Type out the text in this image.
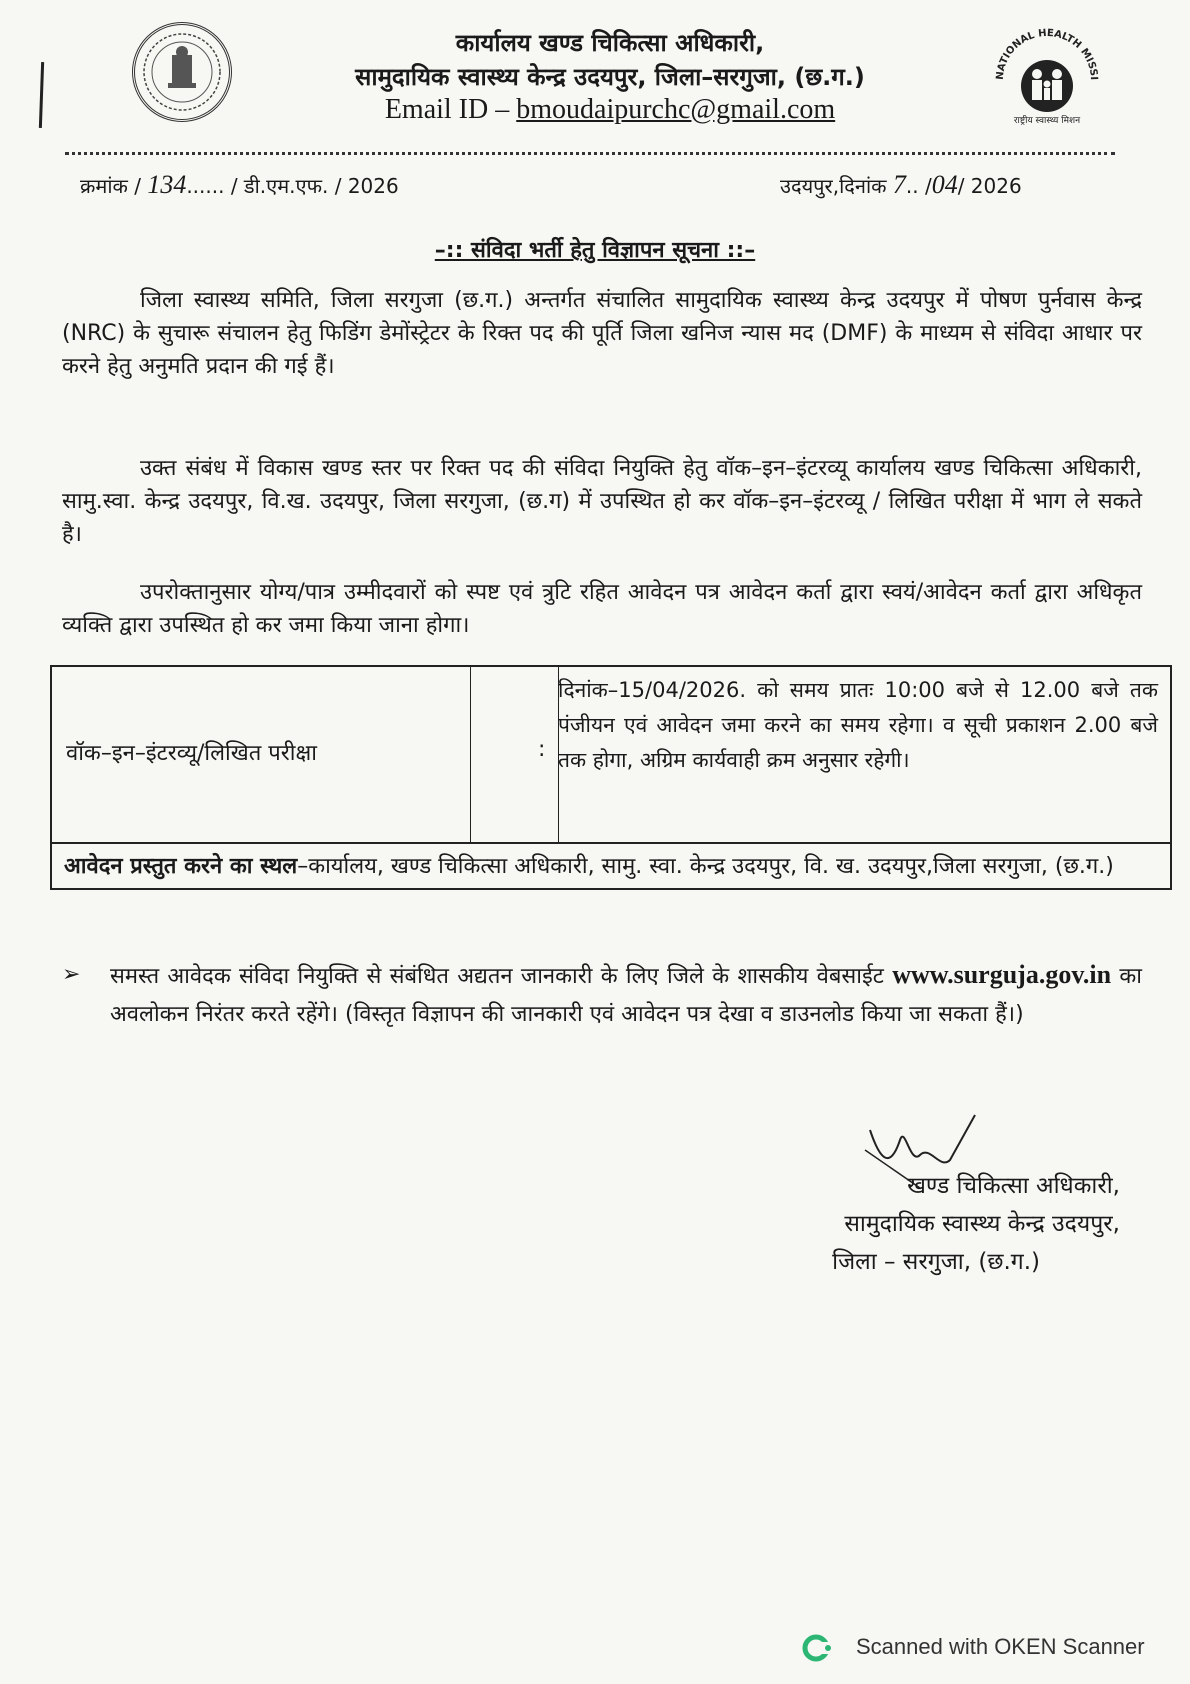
NATIONAL HEALTH MISSI
राष्ट्रीय स्वास्थ्य मिशन
कार्यालय खण्ड चिकित्सा अधिकारी,
सामुदायिक स्वास्थ्य केन्द्र उदयपुर, जिला–सरगुजा, (छ.ग.)
Email ID – bmoudaipurchc@gmail.com
क्रमांक / 134...... / डी.एम.एफ. / 2026	उदयपुर,दिनांक 7.. /04/ 2026
–:: संविदा भर्ती हेतु विज्ञापन सूचना ::–

जिला स्वास्थ्य समिति, जिला सरगुजा (छ.ग.) अन्तर्गत संचालित सामुदायिक स्वास्थ्य केन्द्र उदयपुर में पोषण पुर्नवास केन्द्र (NRC) के सुचारू संचालन हेतु फिडिंग डेमोंस्ट्रेटर के रिक्त पद की पूर्ति जिला खनिज न्यास मद (DMF) के माध्यम से संविदा आधार पर करने हेतु अनुमति प्रदान की गई हैं।

उक्त संबंध में विकास खण्ड स्तर पर रिक्त पद की संविदा नियुक्ति हेतु वॉक–इन–इंटरव्यू कार्यालय खण्ड चिकित्सा अधिकारी, सामु.स्वा. केन्द्र उदयपुर, वि.ख. उदयपुर, जिला सरगुजा, (छ.ग) में उपस्थित हो कर वॉक–इन–इंटरव्यू / लिखित परीक्षा में भाग ले सकते है।

उपरोक्तानुसार योग्य/पात्र उम्मीदवारों को स्पष्ट एवं त्रुटि रहित आवेदन पत्र आवेदन कर्ता द्वारा स्वयं/आवेदन कर्ता द्वारा अधिकृत व्यक्ति द्वारा उपस्थित हो कर जमा किया जाना होगा।

वॉक–इन–इंटरव्यू/लिखित परीक्षा	:
दिनांक–15/04/2026. को समय प्रातः 10:00 बजे से 12.00 बजे तक पंजीयन एवं आवेदन जमा करने का समय रहेगा। व सूची प्रकाशन 2.00 बजे तक होगा, अग्रिम कार्यवाही क्रम अनुसार रहेगी।
आवेदन प्रस्तुत करने का स्थल–कार्यालय, खण्ड चिकित्सा अधिकारी, सामु. स्वा. केन्द्र उदयपुर, वि. ख. उदयपुर,जिला सरगुजा, (छ.ग.)
➢ समस्त आवेदक संविदा नियुक्ति से संबंधित अद्यतन जानकारी के लिए जिले के शासकीय वेबसाईट www.surguja.gov.in का अवलोकन निरंतर करते रहेंगे। (विस्तृत विज्ञापन की जानकारी एवं आवेदन पत्र देखा व डाउनलोड किया जा सकता हैं।)
खण्ड चिकित्सा अधिकारी,
सामुदायिक स्वास्थ्य केन्द्र उदयपुर,
जिला – सरगुजा, (छ.ग.)
Scanned with OKEN Scanner
